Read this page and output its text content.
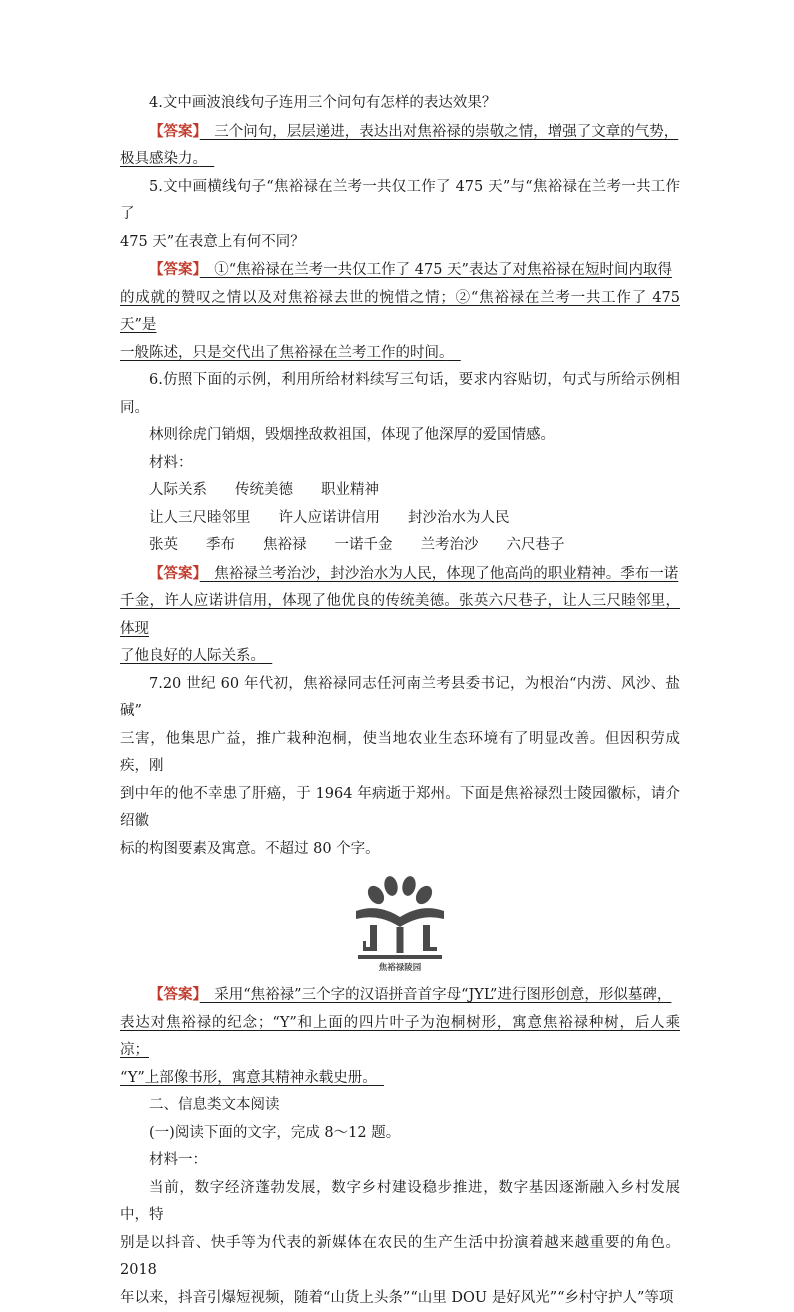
4.文中画波浪线句子连用三个问句有怎样的表达效果？

【答案】　三个问句，层层递进，表达出对焦裕禄的崇敬之情，增强了文章的气势，

极具感染力。　

5.文中画横线句子“焦裕禄在兰考一共仅工作了 475 天”与“焦裕禄在兰考一共工作了

475 天”在表意上有何不同？

【答案】　①“焦裕禄在兰考一共仅工作了 475 天”表达了对焦裕禄在短时间内取得

的成就的赞叹之情以及对焦裕禄去世的惋惜之情；②“焦裕禄在兰考一共工作了 475 天”是

一般陈述，只是交代出了焦裕禄在兰考工作的时间。　

6.仿照下面的示例，利用所给材料续写三句话，要求内容贴切，句式与所给示例相同。

林则徐虎门销烟，毁烟挫敌救祖国，体现了他深厚的爱国情感。

材料：

人际关系 传统美德 职业精神

让人三尺睦邻里 许人应诺讲信用 封沙治水为人民

张英 季布 焦裕禄 一诺千金 兰考治沙 六尺巷子

【答案】　焦裕禄兰考治沙，封沙治水为人民，体现了他高尚的职业精神。季布一诺

千金，许人应诺讲信用，体现了他优良的传统美德。张英六尺巷子，让人三尺睦邻里，体现

了他良好的人际关系。　

7.20 世纪 60 年代初，焦裕禄同志任河南兰考县委书记，为根治“内涝、风沙、盐碱”

三害，他集思广益，推广栽种泡桐，使当地农业生态环境有了明显改善。但因积劳成疾，刚

到中年的他不幸患了肝癌，于 1964 年病逝于郑州。下面是焦裕禄烈士陵园徽标，请介绍徽

标的构图要素及寓意。不超过 80 个字。

焦裕禄陵园

【答案】　采用“焦裕禄”三个字的汉语拼音首字母“JYL”进行图形创意，形似墓碑，

表达对焦裕禄的纪念；“Y”和上面的四片叶子为泡桐树形，寓意焦裕禄种树，后人乘凉；

“Y”上部像书形，寓意其精神永载史册。　

二、信息类文本阅读

(一)阅读下面的文字，完成 8～12 题。

材料一：

当前，数字经济蓬勃发展，数字乡村建设稳步推进，数字基因逐渐融入乡村发展中，特

别是以抖音、快手等为代表的新媒体在农民的生产生活中扮演着越来越重要的角色。2018

年以来，抖音引爆短视频，随着“山货上头条”“山里 DOU 是好风光”“乡村守护人”等项
